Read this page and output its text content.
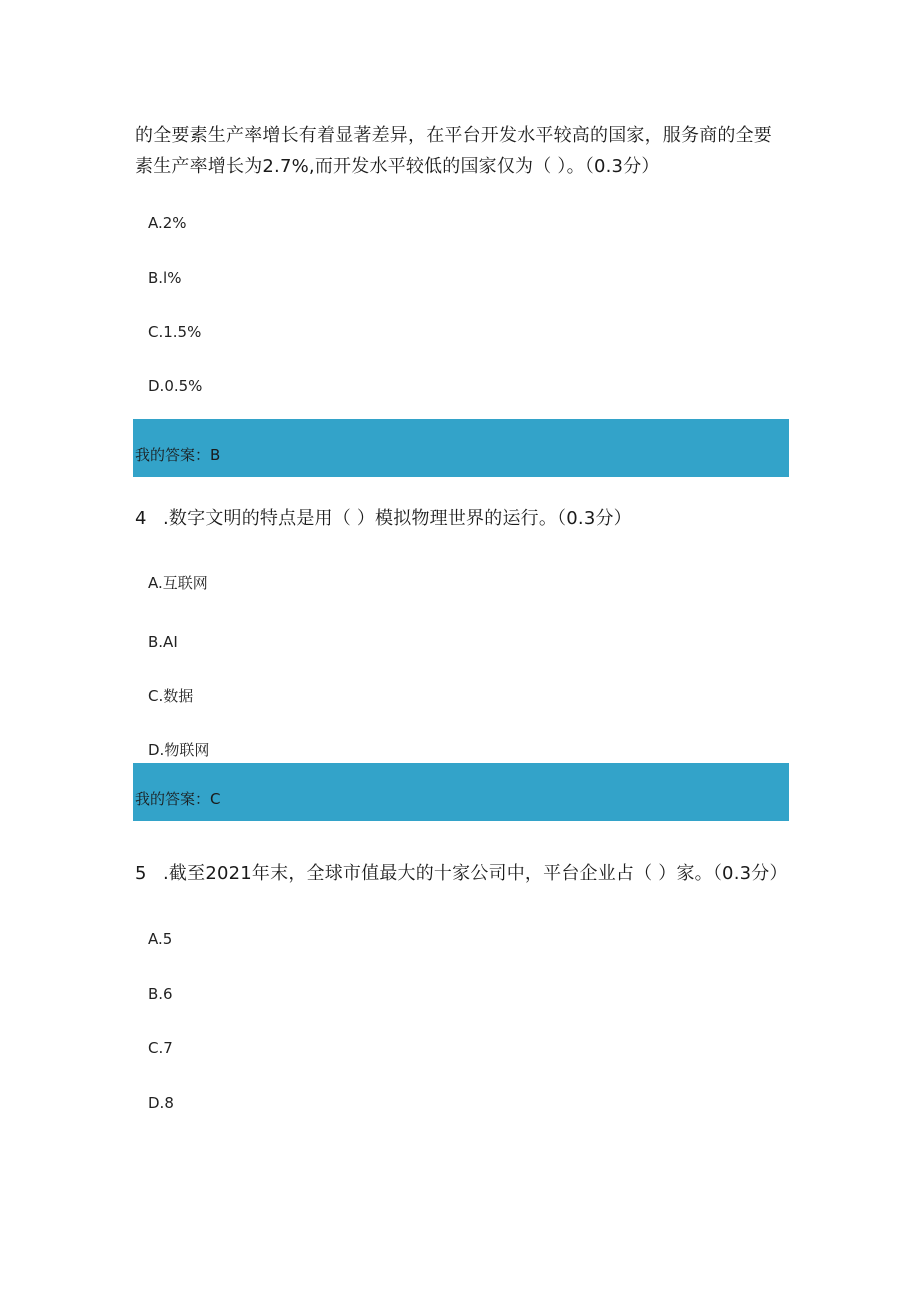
的全要素生产率增长有着显著差异，在平台开发水平较高的国家，服务商的全要
素生产率增长为2.7%,而开发水平较低的国家仅为（ ）。（0.3分）
A.2%
B.l%
C.1.5%
D.0.5%
我的答案：B
4 .数字文明的特点是用（ ）模拟物理世界的运行。（0.3分）
A.互联网
B.AI
C.数据
D.物联网
我的答案：C
5 .截至2021年末，全球市值最大的十家公司中，平台企业占（ ）家。（0.3分）
A.5
B.6
C.7
D.8
